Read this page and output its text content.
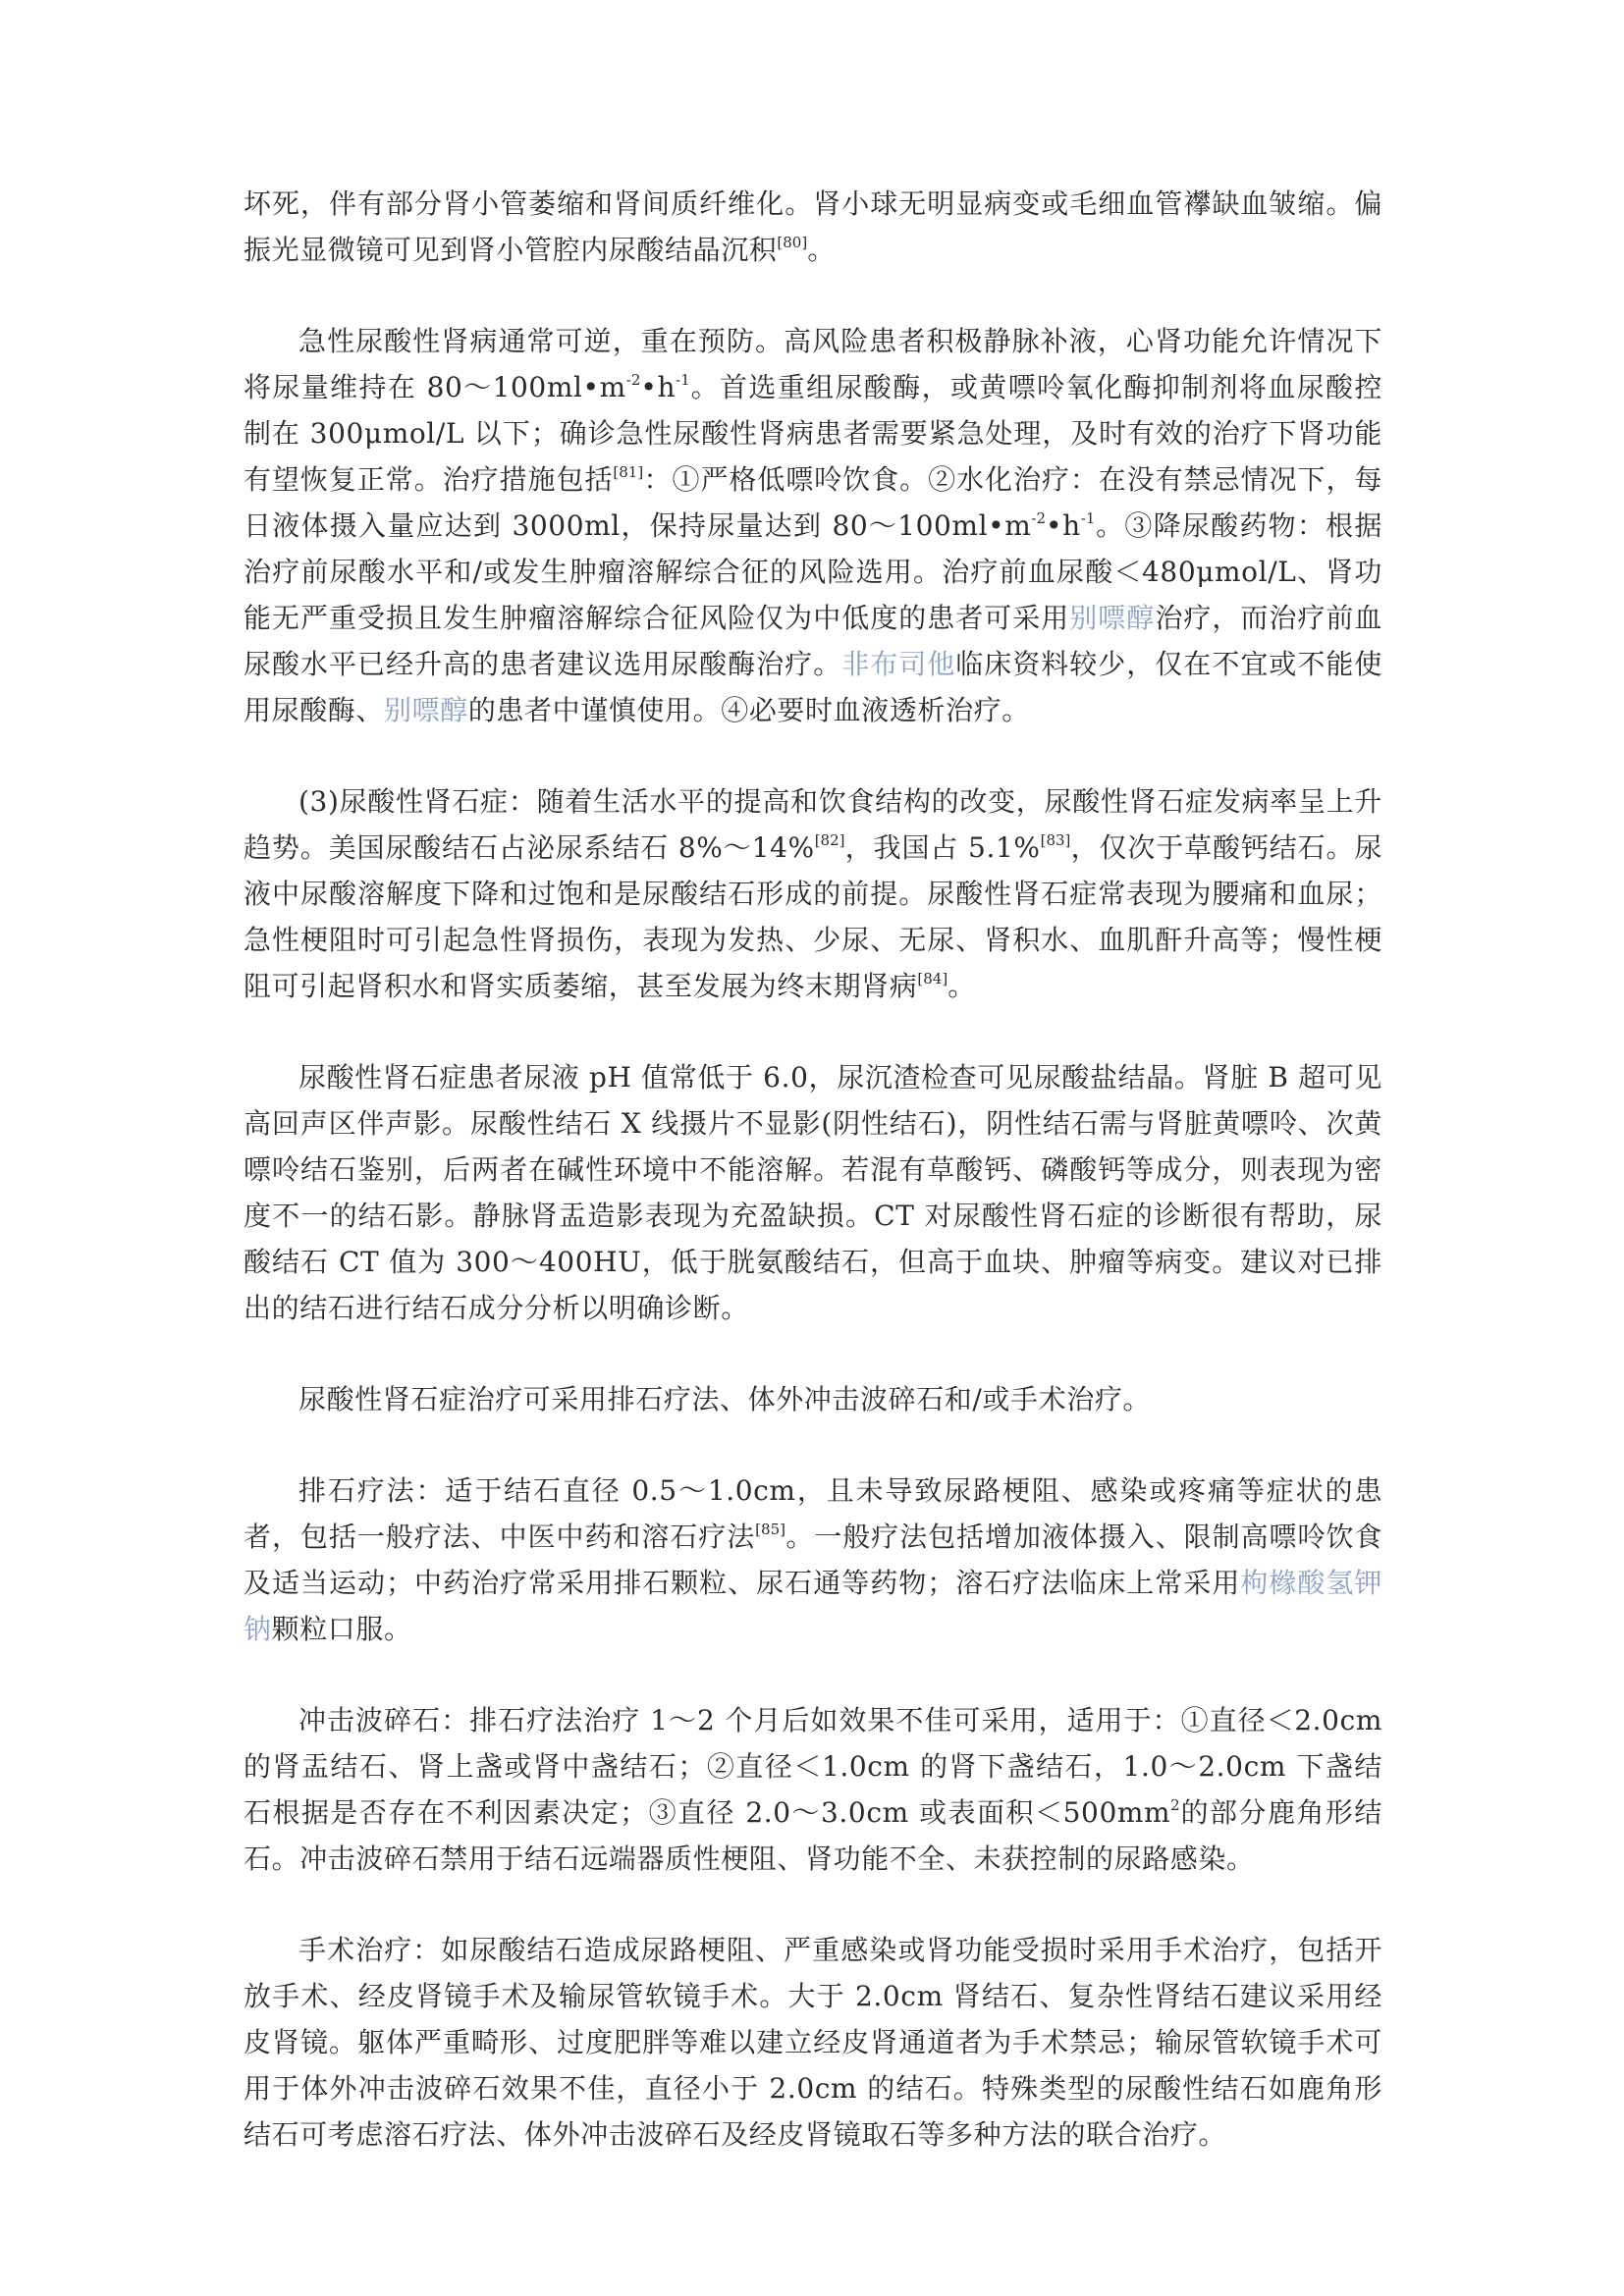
坏死，伴有部分肾小管萎缩和肾间质纤维化。肾小球无明显病变或毛细血管襻缺血皱缩。偏振光显微镜可见到肾小管腔内尿酸结晶沉积[80]。

急性尿酸性肾病通常可逆，重在预防。高风险患者积极静脉补液，心肾功能允许情况下将尿量维持在 $80\sim 100ml•m^{-2}•h^{-1}$。首选重组尿酸酶，或黄嘌呤氧化酶抑制剂将血尿酸控制在 300μmol/L 以下；确诊急性尿酸性肾病患者需要紧急处理，及时有效的治疗下肾功能有望恢复正常。治疗措施包括[81]：①严格低嘌呤饮食。②水化治疗：在没有禁忌情况下，每日液体摄入量应达到 3000ml，保持尿量达到 $80\sim 100ml•m^{-2}•h^{-1}$。③降尿酸药物：根据治疗前尿酸水平和/或发生肿瘤溶解综合征的风险选用。治疗前血尿酸＜480μmol/L、肾功能无严重受损且发生肿瘤溶解综合征风险仅为中低度的患者可采用别嘌醇治疗，而治疗前血尿酸水平已经升高的患者建议选用尿酸酶治疗。非布司他临床资料较少，仅在不宜或不能使用尿酸酶、别嘌醇的患者中谨慎使用。④必要时血液透析治疗。

(3)尿酸性肾石症：随着生活水平的提高和饮食结构的改变，尿酸性肾石症发病率呈上升趋势。美国尿酸结石占泌尿系结石 8%～14%[82]，我国占 5.1%[83]，仅次于草酸钙结石。尿液中尿酸溶解度下降和过饱和是尿酸结石形成的前提。尿酸性肾石症常表现为腰痛和血尿；急性梗阻时可引起急性肾损伤，表现为发热、少尿、无尿、肾积水、血肌酐升高等；慢性梗阻可引起肾积水和肾实质萎缩，甚至发展为终末期肾病[84]。

尿酸性肾石症患者尿液 pH 值常低于 6.0，尿沉渣检查可见尿酸盐结晶。肾脏 B 超可见高回声区伴声影。尿酸性结石 X 线摄片不显影(阴性结石)，阴性结石需与肾脏黄嘌呤、次黄嘌呤结石鉴别，后两者在碱性环境中不能溶解。若混有草酸钙、磷酸钙等成分，则表现为密度不一的结石影。静脉肾盂造影表现为充盈缺损。CT 对尿酸性肾石症的诊断很有帮助，尿酸结石 CT 值为 300～400HU，低于胱氨酸结石，但高于血块、肿瘤等病变。建议对已排出的结石进行结石成分分析以明确诊断。

尿酸性肾石症治疗可采用排石疗法、体外冲击波碎石和/或手术治疗。

排石疗法：适于结石直径 0.5～1.0cm，且未导致尿路梗阻、感染或疼痛等症状的患者，包括一般疗法、中医中药和溶石疗法[85]。一般疗法包括增加液体摄入、限制高嘌呤饮食及适当运动；中药治疗常采用排石颗粒、尿石通等药物；溶石疗法临床上常采用枸橼酸氢钾钠颗粒口服。

冲击波碎石：排石疗法治疗 1～2 个月后如效果不佳可采用，适用于：①直径＜2.0cm 的肾盂结石、肾上盏或肾中盏结石；②直径＜1.0cm 的肾下盏结石，1.0～2.0cm 下盏结石根据是否存在不利因素决定；③直径 2.0～3.0cm 或表面积$<500mm^2$的部分鹿角形结石。冲击波碎石禁用于结石远端器质性梗阻、肾功能不全、未获控制的尿路感染。

手术治疗：如尿酸结石造成尿路梗阻、严重感染或肾功能受损时采用手术治疗，包括开放手术、经皮肾镜手术及输尿管软镜手术。大于 2.0cm 肾结石、复杂性肾结石建议采用经皮肾镜。躯体严重畸形、过度肥胖等难以建立经皮肾通道者为手术禁忌；输尿管软镜手术可用于体外冲击波碎石效果不佳，直径小于 2.0cm 的结石。特殊类型的尿酸性结石如鹿角形结石可考虑溶石疗法、体外冲击波碎石及经皮肾镜取石等多种方法的联合治疗。
